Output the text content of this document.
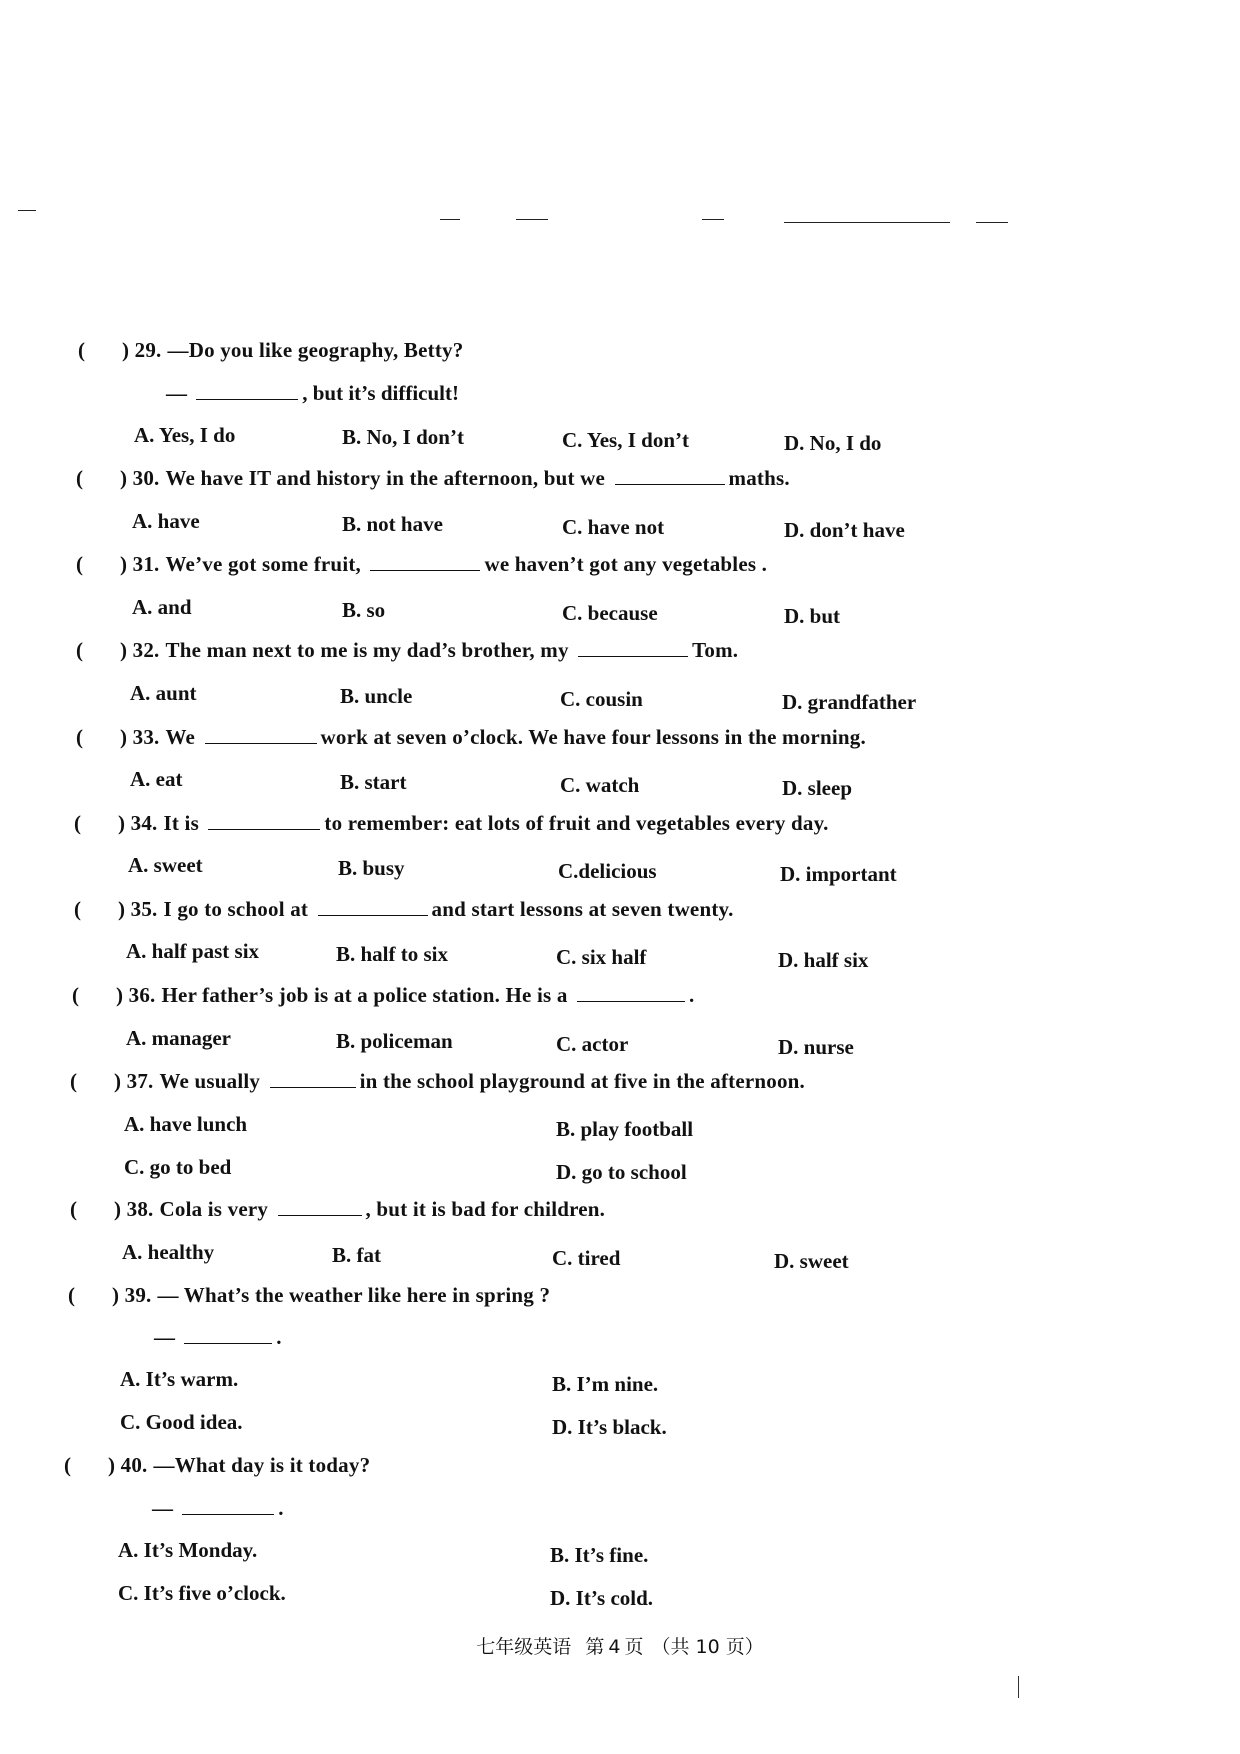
( ) 29. —Do you like geography, Betty?
—	, but it’s difficult!
A. Yes, I do	B. No, I don’t	C. Yes, I don’t	D. No, I do
( ) 30. We have IT and history in the afternoon, but we	maths.
A. have	B. not have	C. have not	D. don’t have
( ) 31. We’ve got some fruit,	we haven’t got any vegetables .
A. and	B. so	C. because	D. but
( ) 32. The man next to me is my dad’s brother, my	Tom.
A. aunt	B. uncle	C. cousin	D. grandfather
( ) 33. We	work at seven o’clock. We have four lessons in the morning.
A. eat	B. start	C. watch	D. sleep
( ) 34. It is	to remember: eat lots of fruit and vegetables every day.
A. sweet	B. busy	C.delicious	D. important
( ) 35. I go to school at	and start lessons at seven twenty.
A. half past six	B. half to six	C. six half	D. half six
( ) 36. Her father’s job is at a police station. He is a	.
A. manager	B. policeman	C. actor	D. nurse
( ) 37. We usually	in the school playground at five in the afternoon.
A. have lunch	B. play football
C. go to bed	D. go to school
( ) 38. Cola is very	, but it is bad for children.
A. healthy	B. fat	C. tired	D. sweet
( ) 39. — What’s the weather like here in spring ?
—	.
A. It’s warm.	B. I’m nine.
C. Good idea.	D. It’s black.
( ) 40. —What day is it today?
—	.
A. It’s Monday.	B. It’s fine.
C. It’s five o’clock.	D. It’s cold.
七年级英语 第 4 页 （共 10 页）
